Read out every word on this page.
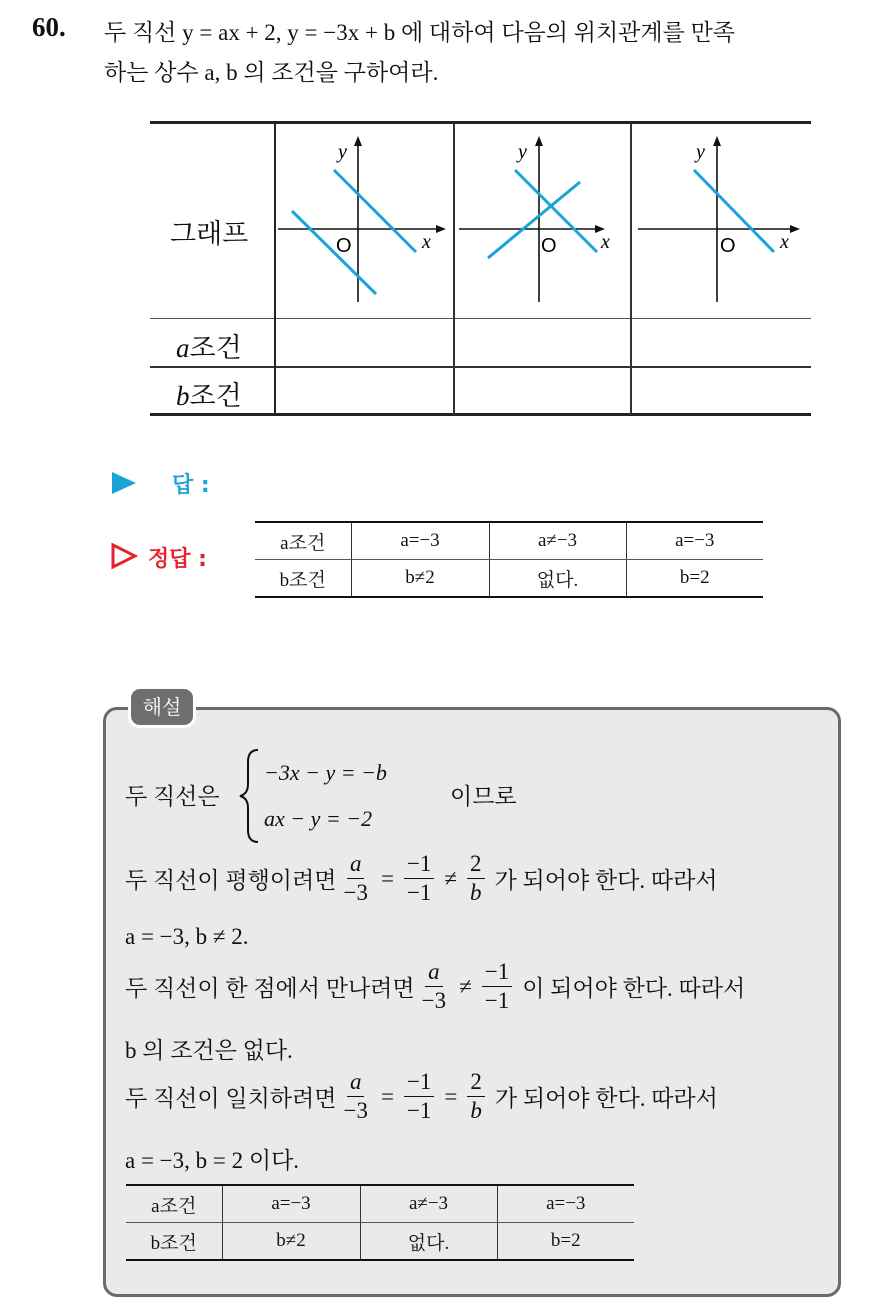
60. 두 직선 y = ax + 2, y = −3x + b 에 대하여 다음의 위치관계를 만족
하는 상수 a, b 의 조건을 구하여라.
그래프
a조건
b조건
y
x
O
y
x
O
y
x
O
답 :
정답 :
a조건	a=−3	a≠−3	a=−3
b조건	b≠2	없다.	b=2
해설
두 직선은
−3x − y = −b
ax − y = −2
이므로
두 직선이 평행이려면 $\frac{a}{-3} = \frac{-1}{-1} \ne \frac{2}{b}$ 가 되어야 한다. 따라서
a = −3, b ≠ 2.
두 직선이 한 점에서 만나려면 $\frac{a}{-3} \ne \frac{-1}{-1}$ 이 되어야 한다. 따라서
b 의 조건은 없다.
두 직선이 일치하려면 $\frac{a}{-3} = \frac{-1}{-1} = \frac{2}{b}$ 가 되어야 한다. 따라서
a = −3, b = 2 이다.
a조건	a=−3	a≠−3	a=−3
b조건	b≠2	없다.	b=2
